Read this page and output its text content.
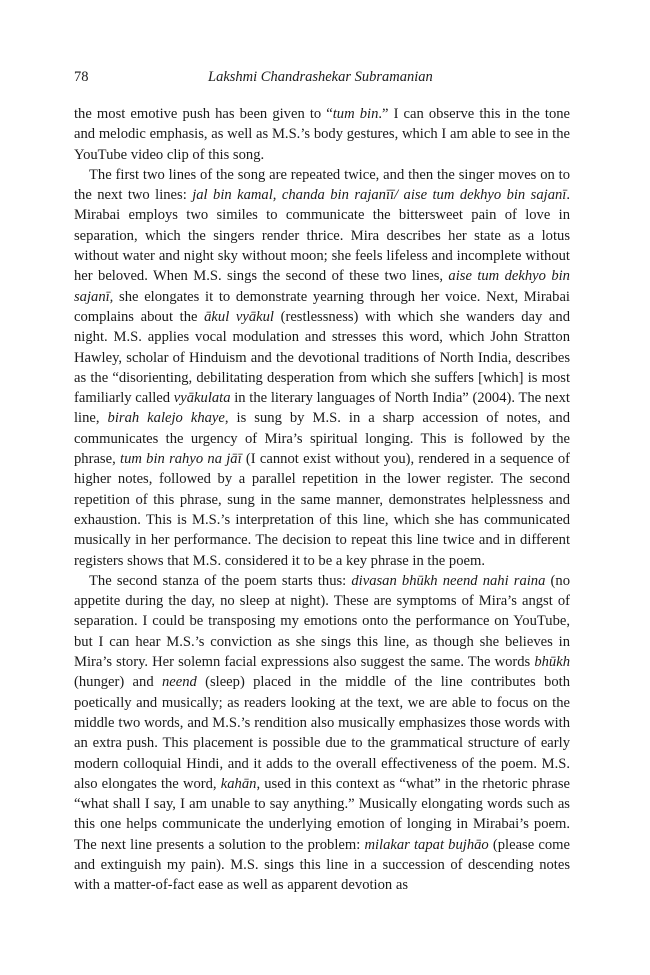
78	Lakshmi Chandrashekar Subramanian

the most emotive push has been given to “tum bin.” I can observe this in the tone and melodic emphasis, as well as M.S.’s body gestures, which I am able to see in the YouTube video clip of this song.

The first two lines of the song are repeated twice, and then the singer moves on to the next two lines: jal bin kamal, chanda bin rajanīī/ aise tum dekhyo bin sajanī. Mirabai employs two similes to communicate the bittersweet pain of love in separation, which the singers render thrice. Mira describes her state as a lotus without water and night sky without moon; she feels lifeless and incomplete without her beloved. When M.S. sings the second of these two lines, aise tum dekhyo bin sajanī, she elongates it to demonstrate yearning through her voice. Next, Mirabai complains about the ākul vyākul (restlessness) with which she wanders day and night. M.S. applies vocal modulation and stresses this word, which John Stratton Hawley, scholar of Hinduism and the devotional traditions of North India, describes as the “disorienting, debilitating desperation from which she suffers [which] is most familiarly called vyākulata in the literary languages of North India” (2004). The next line, birah kalejo khaye, is sung by M.S. in a sharp accession of notes, and communicates the urgency of Mira’s spiritual longing. This is followed by the phrase, tum bin rahyo na jāī (I cannot exist without you), rendered in a sequence of higher notes, followed by a parallel repetition in the lower register. The second repetition of this phrase, sung in the same manner, demonstrates helplessness and exhaustion. This is M.S.’s interpretation of this line, which she has communicated musically in her performance. The decision to repeat this line twice and in different registers shows that M.S. considered it to be a key phrase in the poem.

The second stanza of the poem starts thus: divasan bhūkh neend nahi raina (no appetite during the day, no sleep at night). These are symptoms of Mira’s angst of separation. I could be transposing my emotions onto the performance on YouTube, but I can hear M.S.’s conviction as she sings this line, as though she believes in Mira’s story. Her solemn facial expressions also suggest the same. The words bhūkh (hunger) and neend (sleep) placed in the middle of the line contributes both poetically and musically; as readers looking at the text, we are able to focus on the middle two words, and M.S.’s rendition also musically emphasizes those words with an extra push. This placement is possible due to the grammatical structure of early modern colloquial Hindi, and it adds to the overall effectiveness of the poem. M.S. also elongates the word, kahān, used in this context as “what” in the rhetoric phrase “what shall I say, I am unable to say anything.” Musically elongating words such as this one helps communicate the underlying emotion of longing in Mirabai’s poem. The next line presents a solution to the problem: milakar tapat bujhāo (please come and extinguish my pain). M.S. sings this line in a succession of descending notes with a matter-of-fact ease as well as apparent devotion as
